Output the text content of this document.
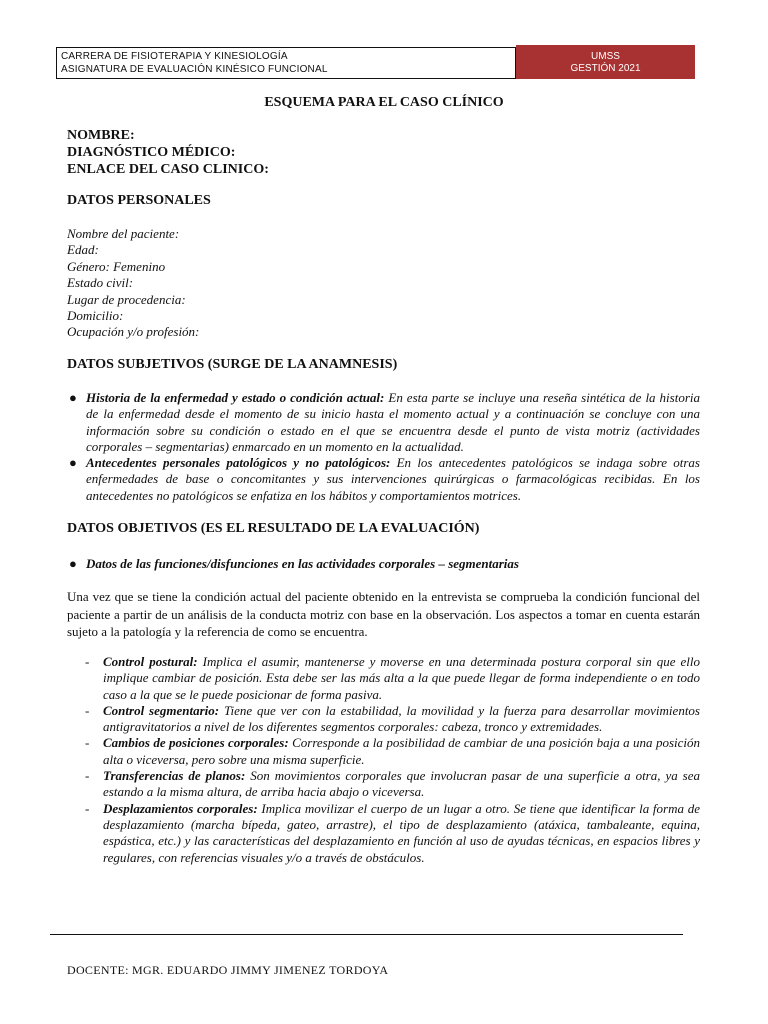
CARRERA DE FISIOTERAPIA Y KINESIOLOGÍA
ASIGNATURA DE EVALUACIÓN KINÉSICO FUNCIONAL
UMSS
GESTIÓN 2021
ESQUEMA PARA EL CASO CLÍNICO
NOMBRE:
DIAGNÓSTICO MÉDICO:
ENLACE DEL CASO CLINICO:
DATOS PERSONALES
Nombre del paciente:
Edad:
Género: Femenino
Estado civil:
Lugar de procedencia:
Domicilio:
Ocupación y/o profesión:
DATOS SUBJETIVOS (SURGE DE LA ANAMNESIS)
● Historia de la enfermedad y estado o condición actual: En esta parte se incluye una reseña sintética de la historia de la enfermedad desde el momento de su inicio hasta el momento actual y a continuación se concluye con una información sobre su condición o estado en el que se encuentra desde el punto de vista motriz (actividades corporales – segmentarias) enmarcado en un momento en la actualidad.
● Antecedentes personales patológicos y no patológicos: En los antecedentes patológicos se indaga sobre otras enfermedades de base o concomitantes y sus intervenciones quirúrgicas o farmacológicas recibidas. En los antecedentes no patológicos se enfatiza en los hábitos y comportamientos motrices.
DATOS OBJETIVOS (ES EL RESULTADO DE LA EVALUACIÓN)
● Datos de las funciones/disfunciones en las actividades corporales – segmentarias
Una vez que se tiene la condición actual del paciente obtenido en la entrevista se comprueba la condición funcional del paciente a partir de un análisis de la conducta motriz con base en la observación. Los aspectos a tomar en cuenta estarán sujeto a la patología y la referencia de como se encuentra.
- Control postural: Implica el asumir, mantenerse y moverse en una determinada postura corporal sin que ello implique cambiar de posición. Esta debe ser las más alta a la que puede llegar de forma independiente o en todo caso a la que se le puede posicionar de forma pasiva.
- Control segmentario: Tiene que ver con la estabilidad, la movilidad y la fuerza para desarrollar movimientos antigravitatorios a nivel de los diferentes segmentos corporales: cabeza, tronco y extremidades.
- Cambios de posiciones corporales: Corresponde a la posibilidad de cambiar de una posición baja a una posición alta o viceversa, pero sobre una misma superficie.
- Transferencias de planos: Son movimientos corporales que involucran pasar de una superficie a otra, ya sea estando a la misma altura, de arriba hacia abajo o viceversa.
- Desplazamientos corporales: Implica movilizar el cuerpo de un lugar a otro. Se tiene que identificar la forma de desplazamiento (marcha bípeda, gateo, arrastre), el tipo de desplazamiento (atáxica, tambaleante, equina, espástica, etc.) y las características del desplazamiento en función al uso de ayudas técnicas, en espacios libres y regulares, con referencias visuales y/o a través de obstáculos.
DOCENTE: MGR. EDUARDO JIMMY JIMENEZ TORDOYA
